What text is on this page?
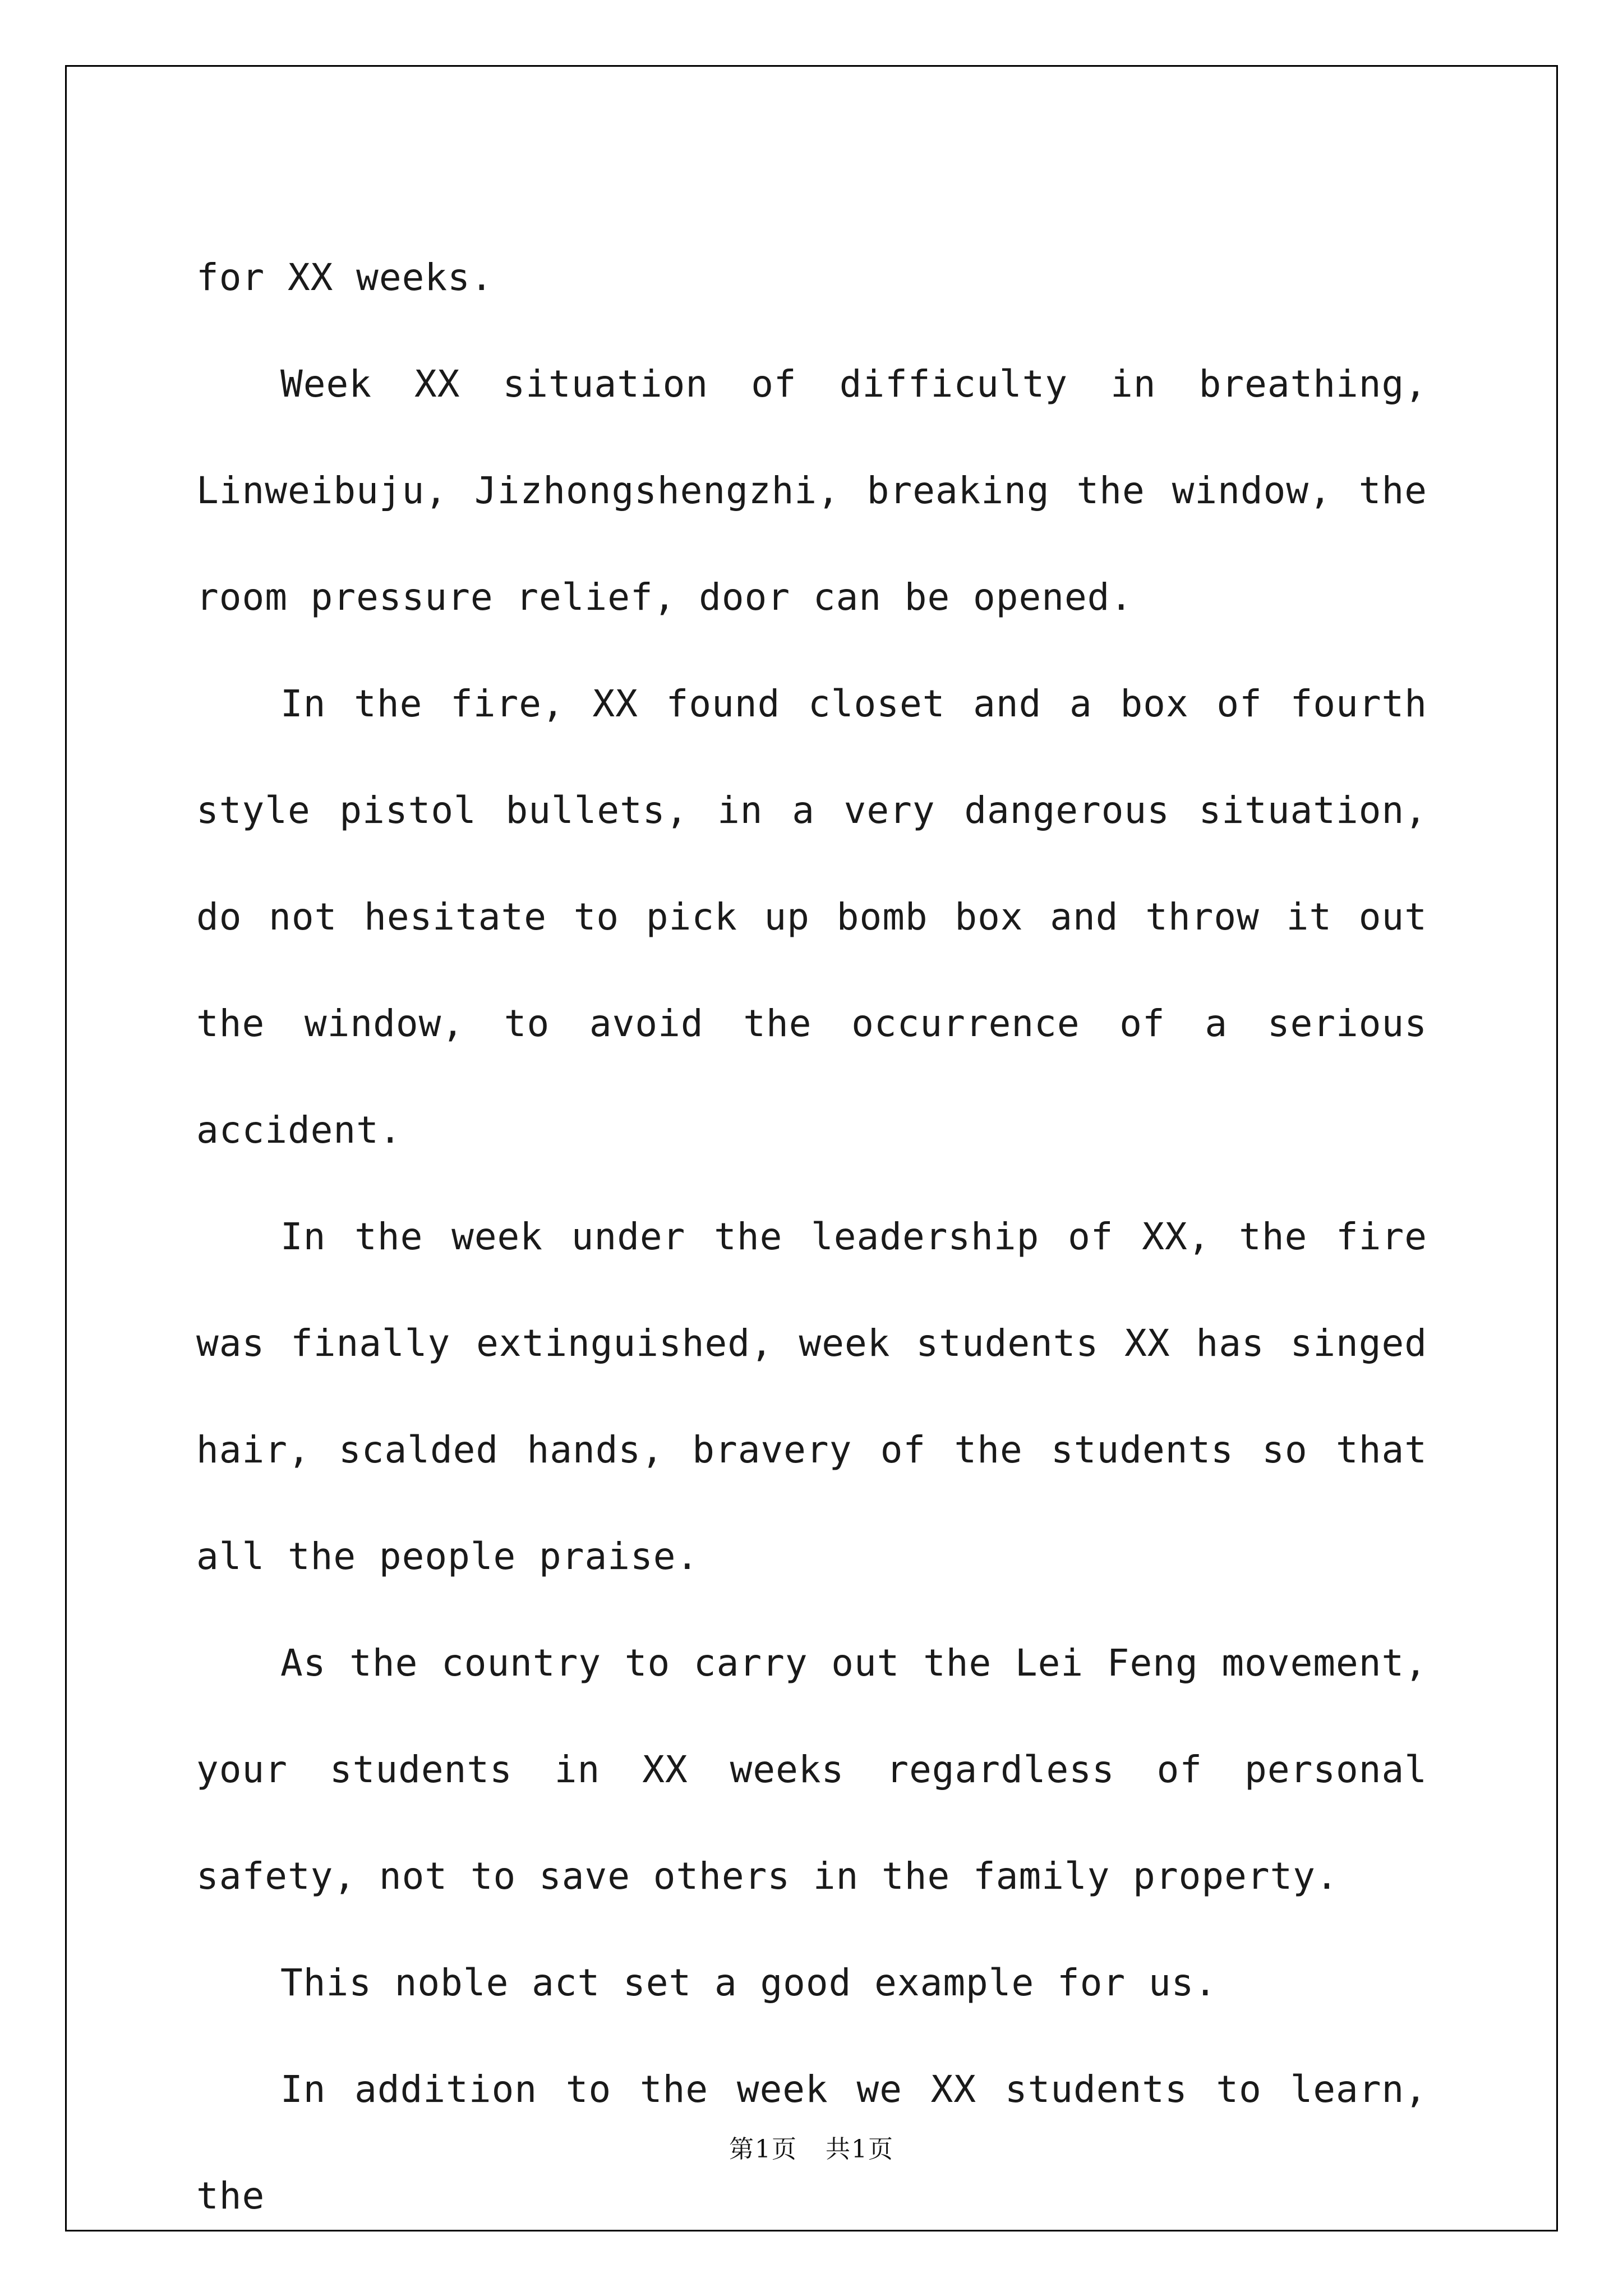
for XX weeks.

Week XX situation of difficulty in breathing, Linweibuju, Jizhongshengzhi, breaking the window, the room pressure relief, door can be opened.

In the fire, XX found closet and a box of fourth style pistol bullets, in a very dangerous situation, do not hesitate to pick up bomb box and throw it out the window, to avoid the occurrence of a serious accident.

In the week under the leadership of XX, the fire was finally extinguished, week students XX has singed hair, scalded hands, bravery of the students so that all the people praise.

As the country to carry out the Lei Feng movement, your students in XX weeks regardless of personal safety, not to save others in the family property.

This noble act set a good example for us.

In addition to the week we XX students to learn, the

第1页 共1页
